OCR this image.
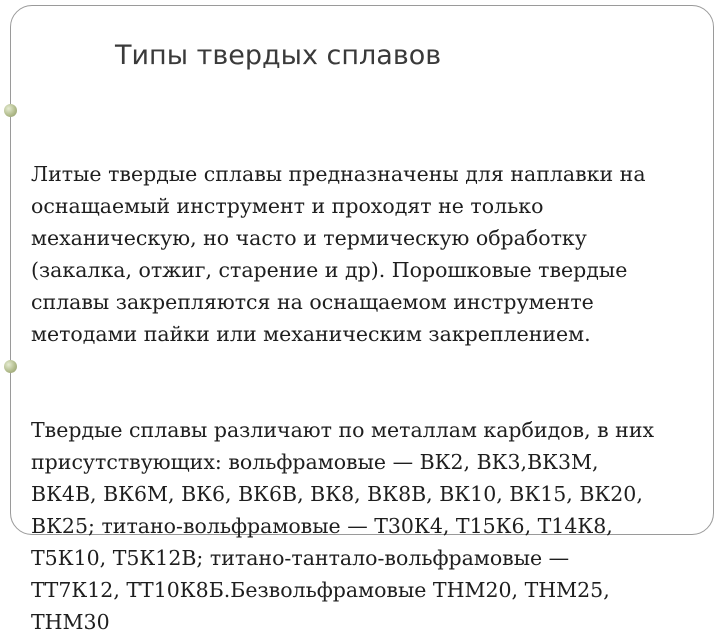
Типы твердых сплавов

Литые твердые сплавы предназначены для наплавки на
оснащаемый инструмент и проходят не только
механическую, но часто и термическую обработку
(закалка, отжиг, старение и др). Порошковые твердые
сплавы закрепляются на оснащаемом инструменте
методами пайки или механическим закреплением.

Твердые сплавы различают по металлам карбидов, в них
присутствующих: вольфрамовые — ВК2, ВК3,ВК3М,
ВК4В, ВК6М, ВК6, ВК6В, ВК8, ВК8В, ВК10, ВК15, ВК20,
ВК25; титано-вольфрамовые — Т30К4, Т15К6, Т14К8,
Т5К10, Т5К12В; титано-тантало-вольфрамовые —
ТТ7К12, ТТ10К8Б.Безвольфрамовые ТНМ20, ТНМ25,
ТНМ30
